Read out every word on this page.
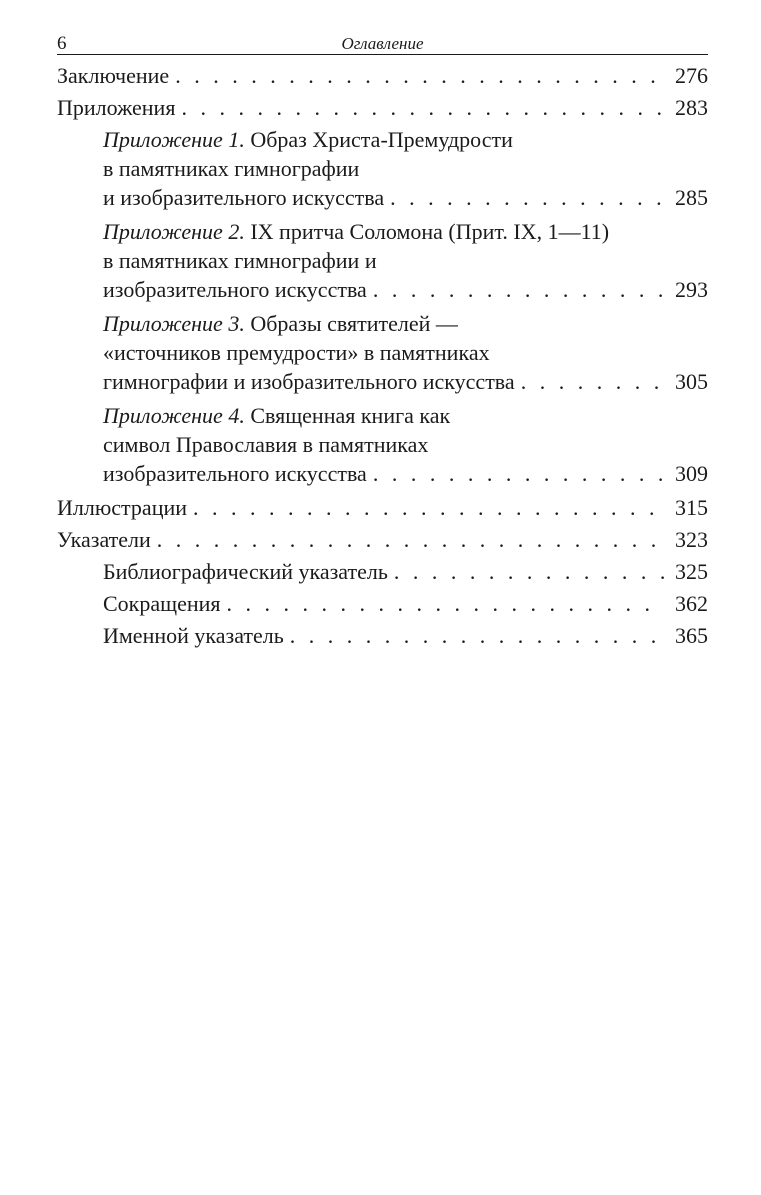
6	Оглавление
Заключение . . .	276
Приложения . . .	283
Приложение 1. Образ Христа-Премудрости
в памятниках гимнографии
и изобразительного искусства . . .	285
Приложение 2. IX притча Соломона (Прит. IX, 1—11)
в памятниках гимнографии и
изобразительного искусства . . .	293
Приложение 3. Образы святителей —
«источников премудрости» в памятниках
гимнографии и изобразительного искусства . . .	305
Приложение 4. Священная книга как
символ Православия в памятниках
изобразительного искусства . . .	309
Иллюстрации . . .	315
Указатели . . .	323
Библиографический указатель . . .	325
Сокращения . . .	362
Именной указатель . . .	365
